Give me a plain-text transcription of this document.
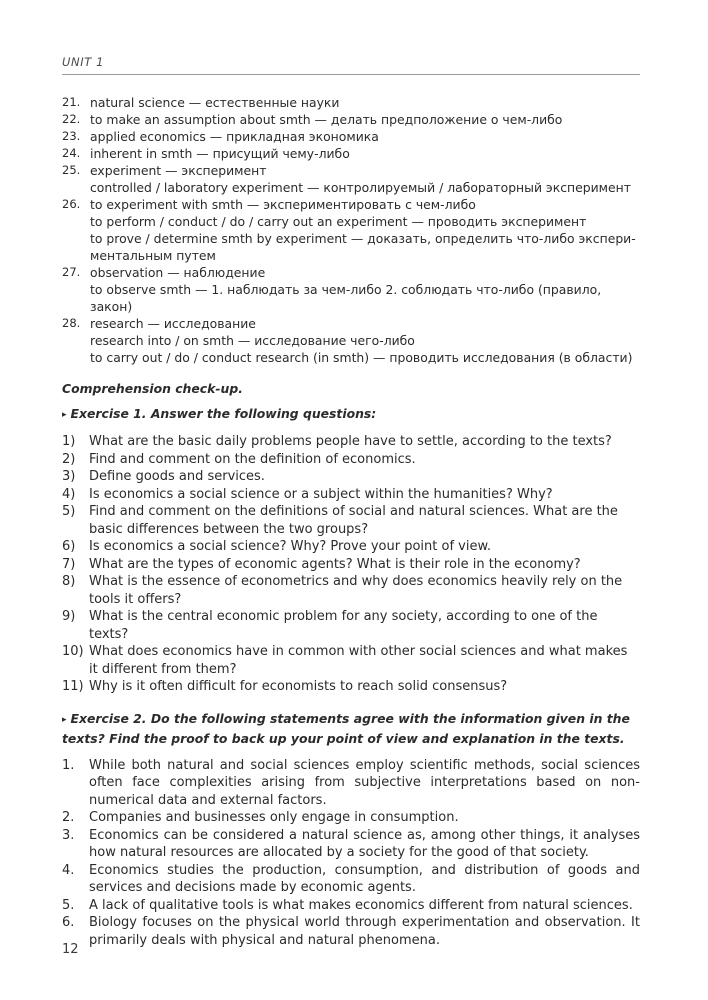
UNIT 1
21. natural science — естественные науки
22. to make an assumption about smth — делать предположение о чем-либо
23. applied economics — прикладная экономика
24. inherent in smth — присущий чему-либо
25. experiment — эксперимент
controlled / laboratory experiment — контролируемый / лабораторный эксперимент
26. to experiment with smth — экспериментировать с чем-либо
to perform / conduct / do / carry out an experiment — проводить эксперимент
to prove / determine smth by experiment — доказать, определить что-либо экспери-
ментальным путем
27. observation — наблюдение
to observe smth — 1. наблюдать за чем-либо 2. соблюдать что-либо (правило, закон)
28. research — исследование
research into / on smth — исследование чего-либо
to carry out / do / conduct research (in smth) — проводить исследования (в области)
Comprehension check-up.
▸ Exercise 1. Answer the following questions:
1) What are the basic daily problems people have to settle, according to the texts?
2) Find and comment on the definition of economics.
3) Define goods and services.
4) Is economics a social science or a subject within the humanities? Why?
5) Find and comment on the definitions of social and natural sciences. What are the basic differences between the two groups?
6) Is economics a social science? Why? Prove your point of view.
7) What are the types of economic agents? What is their role in the economy?
8) What is the essence of econometrics and why does economics heavily rely on the tools it offers?
9) What is the central economic problem for any society, according to one of the texts?
10) What does economics have in common with other social sciences and what makes it different from them?
11) Why is it often difficult for economists to reach solid consensus?
▸ Exercise 2. Do the following statements agree with the information given in the texts? Find the proof to back up your point of view and explanation in the texts.
1. While both natural and social sciences employ scientific methods, social sciences often face complexities arising from subjective interpretations based on non-numerical data and external factors.
2. Companies and businesses only engage in consumption.
3. Economics can be considered a natural science as, among other things, it analyses how natural resources are allocated by a society for the good of that society.
4. Economics studies the production, consumption, and distribution of goods and services and decisions made by economic agents.
5. A lack of qualitative tools is what makes economics different from natural sciences.
6. Biology focuses on the physical world through experimentation and observation. It primarily deals with physical and natural phenomena.
12
